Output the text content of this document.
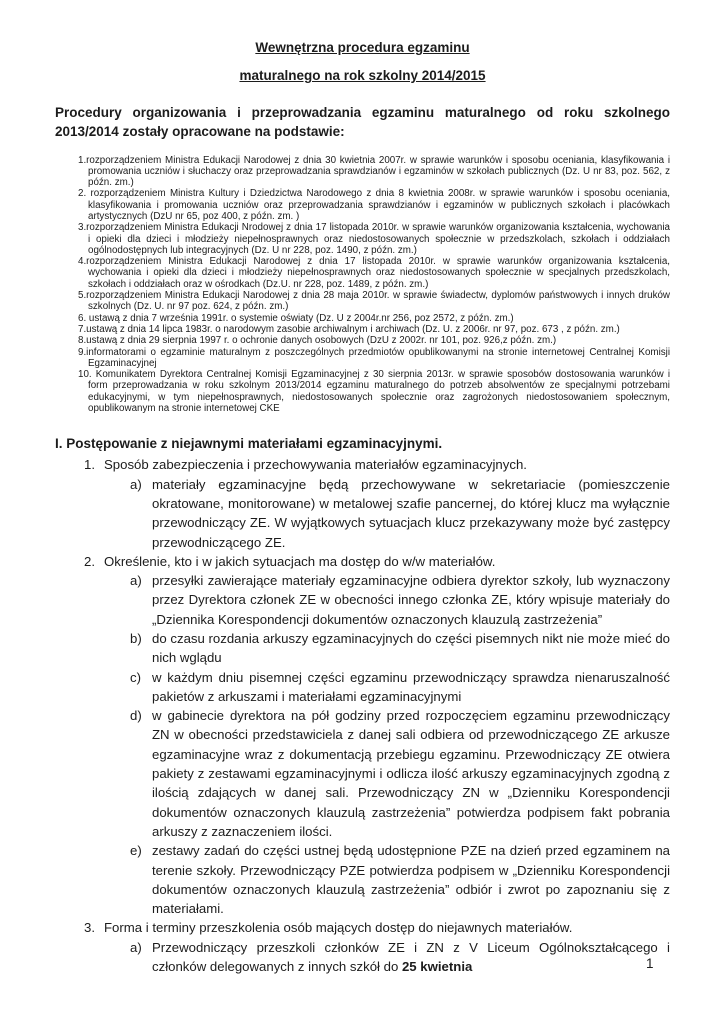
Wewnętrzna procedura egzaminu
maturalnego na rok szkolny 2014/2015

Procedury organizowania i przeprowadzania egzaminu maturalnego od roku szkolnego 2013/2014 zostały opracowane na podstawie:

1.rozporządzeniem Ministra Edukacji Narodowej z dnia 30 kwietnia 2007r. w sprawie warunków i sposobu oceniania, klasyfikowania i promowania uczniów i słuchaczy oraz przeprowadzania sprawdzianów i egzaminów w szkołach publicznych (Dz. U nr 83, poz. 562, z późn. zm.)
2. rozporządzeniem Ministra Kultury i Dziedzictwa Narodowego z dnia 8 kwietnia 2008r. w sprawie warunków i sposobu oceniania, klasyfikowania i promowania uczniów oraz przeprowadzania sprawdzianów i egzaminów w publicznych szkołach i placówkach artystycznych (DzU nr 65, poz 400, z późn. zm. )
3.rozporządzeniem Ministra Edukacji Nrodowej z dnia 17 listopada 2010r. w sprawie warunków organizowania kształcenia, wychowania i opieki dla dzieci i młodzieży niepełnosprawnych oraz niedostosowanych społecznie w przedszkolach, szkołach i oddziałach ogólnodostępnych lub integracyjnych (Dz. U nr 228, poz. 1490, z późn. zm.)
4.rozporządzeniem Ministra Edukacji Narodowej z dnia 17 listopada 2010r. w sprawie warunków organizowania kształcenia, wychowania i opieki dla dzieci i młodzieży niepełnosprawnych oraz niedostosowanych społecznie w specjalnych przedszkolach, szkołach i oddziałach oraz w ośrodkach (Dz.U. nr 228, poz. 1489, z późn. zm.)
5.rozporządzeniem Ministra Edukacji Narodowej z dnia 28 maja 2010r. w sprawie świadectw, dyplomów państwowych i innych druków szkolnych (Dz. U. nr 97 poz. 624, z późn. zm.)
6. ustawą z dnia 7 września 1991r. o systemie oświaty (Dz. U z 2004r.nr 256, poz 2572, z późn. zm.)
7.ustawą z dnia 14 lipca 1983r. o narodowym zasobie archiwalnym i archiwach (Dz. U. z 2006r. nr 97, poz. 673 , z późn. zm.)
8.ustawą z dnia 29 sierpnia 1997 r. o ochronie danych osobowych (DzU z 2002r. nr 101, poz. 926,z późn. zm.)
9.informatorami o egzaminie maturalnym z poszczególnych przedmiotów opublikowanymi na stronie internetowej Centralnej Komisji Egzaminacyjnej
10. Komunikatem Dyrektora Centralnej Komisji Egzaminacyjnej z 30 sierpnia 2013r. w sprawie sposobów dostosowania warunków i form przeprowadzania w roku szkolnym 2013/2014 egzaminu maturalnego do potrzeb absolwentów ze specjalnymi potrzebami edukacyjnymi, w tym niepełnosprawnych, niedostosowanych społecznie oraz zagrożonych niedostosowaniem społecznym, opublikowanym na stronie internetowej CKE
I. Postępowanie z niejawnymi materiałami egzaminacyjnymi.
1. Sposób zabezpieczenia i przechowywania materiałów egzaminacyjnych.
a) materiały egzaminacyjne będą przechowywane w sekretariacie (pomieszczenie okratowane, monitorowane) w metalowej szafie pancernej, do której klucz ma wyłącznie przewodniczący ZE. W wyjątkowych sytuacjach klucz przekazywany może być zastępcy przewodniczącego ZE.
2. Określenie, kto i w jakich sytuacjach ma dostęp do w/w materiałów.
a) przesyłki zawierające materiały egzaminacyjne odbiera dyrektor szkoły, lub wyznaczony przez Dyrektora członek ZE w obecności innego członka ZE, który wpisuje materiały do „Dziennika Korespondencji dokumentów oznaczonych klauzulą zastrzeżenia”
b) do czasu rozdania arkuszy egzaminacyjnych do części pisemnych nikt nie może mieć do nich wglądu
c) w każdym dniu pisemnej części egzaminu przewodniczący sprawdza nienaruszalność pakietów z arkuszami i materiałami egzaminacyjnymi
d) w gabinecie dyrektora na pół godziny przed rozpoczęciem egzaminu przewodniczący ZN w obecności przedstawiciela z danej sali odbiera od przewodniczącego ZE arkusze egzaminacyjne wraz z dokumentacją przebiegu egzaminu. Przewodniczący ZE otwiera pakiety z zestawami egzaminacyjnymi i odlicza ilość arkuszy egzaminacyjnych zgodną z ilością zdających w danej sali. Przewodniczący ZN w „Dzienniku Korespondencji dokumentów oznaczonych klauzulą zastrzeżenia” potwierdza podpisem fakt pobrania arkuszy z zaznaczeniem ilości.
e) zestawy zadań do części ustnej będą udostępnione PZE na dzień przed egzaminem na terenie szkoły. Przewodniczący PZE potwierdza podpisem w „Dzienniku Korespondencji dokumentów oznaczonych klauzulą zastrzeżenia” odbiór i zwrot po zapoznaniu się z materiałami.
3. Forma i terminy przeszkolenia osób mających dostęp do niejawnych materiałów.
a) Przewodniczący przeszkoli członków ZE i ZN z V Liceum Ogólnokształcącego i członków delegowanych z innych szkół do 25 kwietnia	1
